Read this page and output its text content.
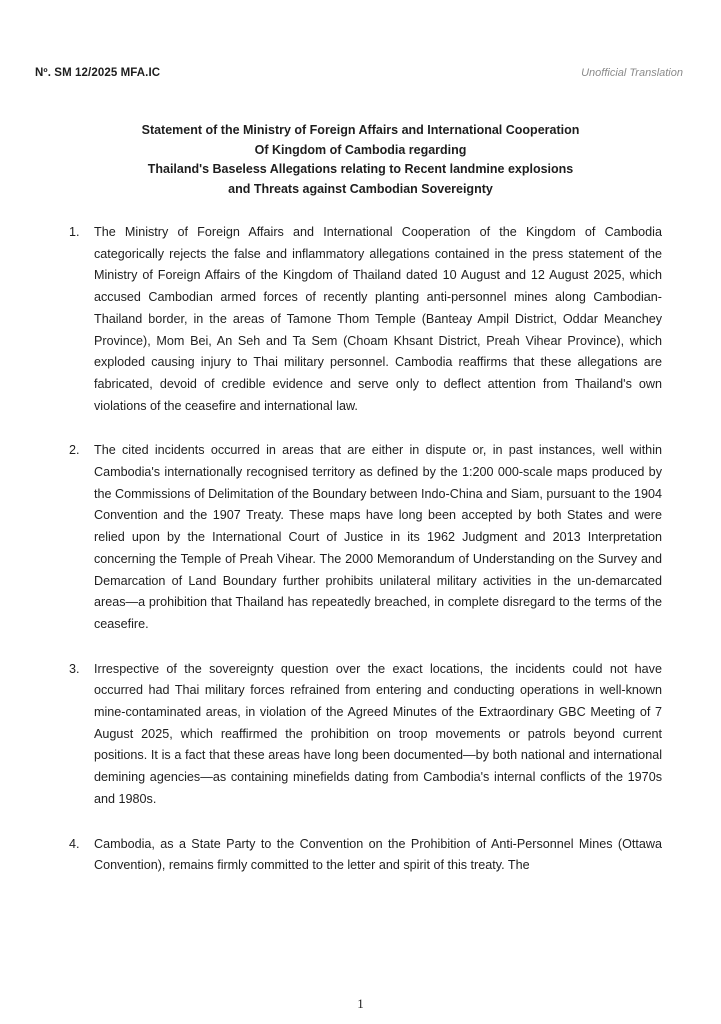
Nº. SM 12/2025 MFA.IC	Unofficial Translation
Statement of the Ministry of Foreign Affairs and International Cooperation
Of Kingdom of Cambodia regarding
Thailand's Baseless Allegations relating to Recent landmine explosions
and Threats against Cambodian Sovereignty
1. The Ministry of Foreign Affairs and International Cooperation of the Kingdom of Cambodia categorically rejects the false and inflammatory allegations contained in the press statement of the Ministry of Foreign Affairs of the Kingdom of Thailand dated 10 August and 12 August 2025, which accused Cambodian armed forces of recently planting anti-personnel mines along Cambodian-Thailand border, in the areas of Tamone Thom Temple (Banteay Ampil District, Oddar Meanchey Province), Mom Bei, An Seh and Ta Sem (Choam Khsant District, Preah Vihear Province), which exploded causing injury to Thai military personnel. Cambodia reaffirms that these allegations are fabricated, devoid of credible evidence and serve only to deflect attention from Thailand's own violations of the ceasefire and international law.
2. The cited incidents occurred in areas that are either in dispute or, in past instances, well within Cambodia's internationally recognised territory as defined by the 1:200 000-scale maps produced by the Commissions of Delimitation of the Boundary between Indo-China and Siam, pursuant to the 1904 Convention and the 1907 Treaty. These maps have long been accepted by both States and were relied upon by the International Court of Justice in its 1962 Judgment and 2013 Interpretation concerning the Temple of Preah Vihear. The 2000 Memorandum of Understanding on the Survey and Demarcation of Land Boundary further prohibits unilateral military activities in the un-demarcated areas—a prohibition that Thailand has repeatedly breached, in complete disregard to the terms of the ceasefire.
3. Irrespective of the sovereignty question over the exact locations, the incidents could not have occurred had Thai military forces refrained from entering and conducting operations in well-known mine-contaminated areas, in violation of the Agreed Minutes of the Extraordinary GBC Meeting of 7 August 2025, which reaffirmed the prohibition on troop movements or patrols beyond current positions. It is a fact that these areas have long been documented—by both national and international demining agencies—as containing minefields dating from Cambodia's internal conflicts of the 1970s and 1980s.
4. Cambodia, as a State Party to the Convention on the Prohibition of Anti-Personnel Mines (Ottawa Convention), remains firmly committed to the letter and spirit of this treaty. The
1
